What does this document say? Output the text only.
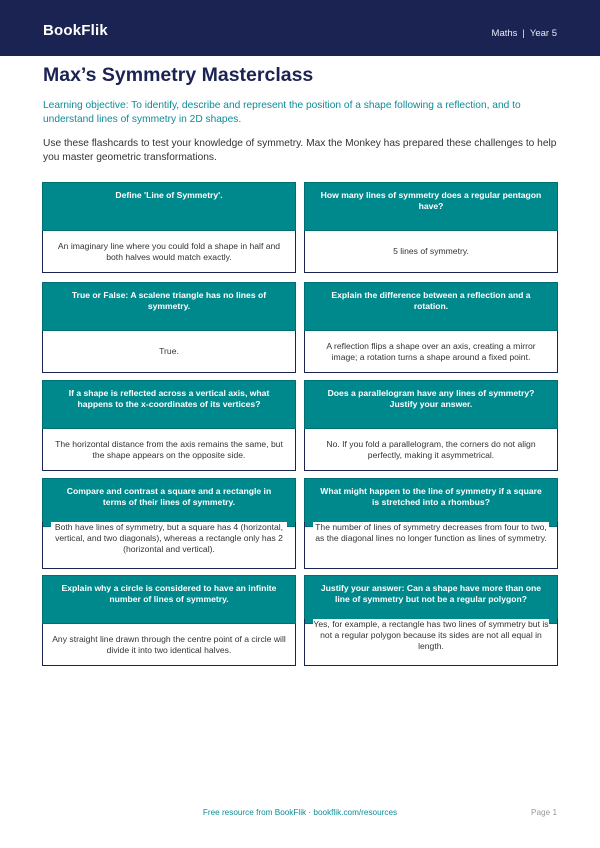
BookFlik	Maths | Year 5
Max’s Symmetry Masterclass

Learning objective: To identify, describe and represent the position of a shape following a reflection, and to understand lines of symmetry in 2D shapes.

Use these flashcards to test your knowledge of symmetry. Max the Monkey has prepared these challenges to help you master geometric transformations.

Define 'Line of Symmetry'.
An imaginary line where you could fold a shape in half and both halves would match exactly.
How many lines of symmetry does a regular pentagon have?
5 lines of symmetry.
True or False: A scalene triangle has no lines of symmetry.
True.
Explain the difference between a reflection and a rotation.
A reflection flips a shape over an axis, creating a mirror image; a rotation turns a shape around a fixed point.
If a shape is reflected across a vertical axis, what happens to the x-coordinates of its vertices?
The horizontal distance from the axis remains the same, but the shape appears on the opposite side.
Does a parallelogram have any lines of symmetry? Justify your answer.
No. If you fold a parallelogram, the corners do not align perfectly, making it asymmetrical.
Compare and contrast a square and a rectangle in terms of their lines of symmetry.
Both have lines of symmetry, but a square has 4 (horizontal, vertical, and two diagonals), whereas a rectangle only has 2 (horizontal and vertical).
What might happen to the line of symmetry if a square is stretched into a rhombus?
The number of lines of symmetry decreases from four to two, as the diagonal lines no longer function as lines of symmetry.
Explain why a circle is considered to have an infinite number of lines of symmetry.
Any straight line drawn through the centre point of a circle will divide it into two identical halves.
Justify your answer: Can a shape have more than one line of symmetry but not be a regular polygon?
Yes, for example, a rectangle has two lines of symmetry but is not a regular polygon because its sides are not all equal in length.
Free resource from BookFlik · bookflik.com/resources	Page 1
